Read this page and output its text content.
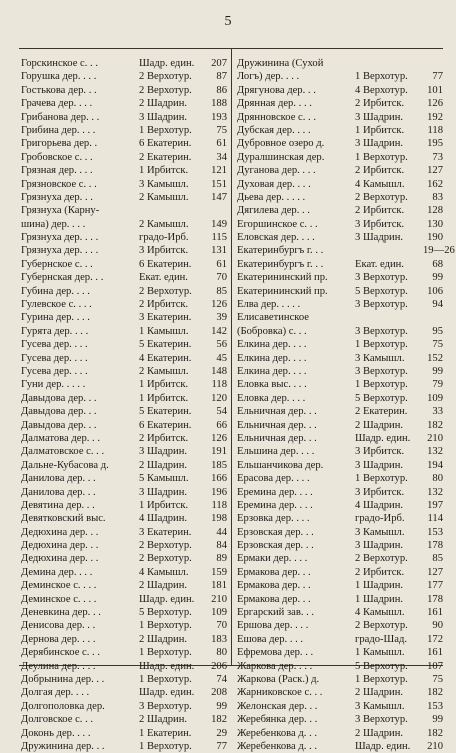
5
Горскинское с. . .	Шадр. един.	207
Горушка дер. . . .	2 Верхотур.	87
Гостькова дер. . .	2 Верхотур.	86
Грачева дер. . . .	2 Шадрин.	188
Грибанова дер. . .	3 Шадрин.	193
Грибина дер. . . .	1 Верхотур.	75
Григорьева дер. .	6 Екатерин.	61
Гробовское с. . .	2 Екатерин.	34
Грязная дер. . . .	1 Ирбитск.	121
Грязновское с. . .	3 Камышл.	151
Грязнуха дер. . .	2 Камышл.	147
Грязнуха (Карну-
шина) дер. . . .	2 Камышл.	149
Грязнуха дер. . . .	градо-Ирб.	115
Грязнуха дер. . . .	3 Ирбитск.	131
Губернское с. . .	6 Екатерин.	61
Губернская дер. . .	Екат. един.	70
Губина дер. . . .	2 Верхотур.	85
Гулевское с. . . .	2 Ирбитск.	126
Гурина дер. . . .	3 Екатерин.	39
Гурята дер. . . .	1 Камышл.	142
Гусева дер. . . .	5 Екатерин.	56
Гусева дер. . . .	4 Екатерин.	45
Гусева дер. . . .	2 Камышл.	148
Гуни дер. . . . .	1 Ирбитск.	118
Давыдова дер. . .	1 Ирбитск.	120
Давыдова дер. . .	5 Екатерин.	54
Давыдова дер. . .	6 Екатерин.	66
Далматова дер. . .	2 Ирбитск.	126
Далматовское с. . .	3 Шадрин.	191
Дальне-Кубасова д.	2 Шадрин.	185
Данилова дер. . .	5 Камышл.	166
Данилова дер. . .	3 Шадрин.	196
Девятина дер. . .	1 Ирбитск.	118
Девятковский выс.	4 Шадрин.	198
Дедюхина дер. . .	3 Екатерин.	44
Дедюхина дер. . .	2 Верхотур.	84
Дедюхина дер. . .	2 Верхотур.	89
Демина дер. . . .	4 Камышл.	159
Деминское с. . . .	2 Шадрин.	181
Деминское с. . . .	Шадр. един.	210
Деневкина дер. . .	5 Верхотур.	109
Денисова дер. . .	1 Верхотур.	70
Дернова дер. . . .	2 Шадрин.	183
Дерябинское с. . .	1 Верхотур.	80
Деулина дер. . . .	Шадр. един.	206
Добрынина дер. . .	1 Верхотур.	74
Долгая дер. . . .	Шадр. един.	208
Долгополовка дер.	3 Верхотур.	99
Долговское с. . .	2 Шадрин.	182
Доконь дер. . . .	1 Екатерин.	29
Дружинина дер. . .	1 Верхотур.	77
Дружинина (Сухой
Логъ) дер. . . .	1 Верхотур.	77
Дрягунова дер. . .	4 Верхотур.	101
Дрянная дер. . . .	2 Ирбитск.	126
Дрянновское с. . .	3 Шадрин.	192
Дубская дер. . . .	1 Ирбитск.	118
Дубровное озеро д.	3 Шадрин.	195
Дуралшинская дер.	1 Верхотур.	73
Дуганова дер. . . .	2 Ирбитск.	127
Духовая дер. . . .	4 Камышл.	162
Дьева дер. . . . .	2 Верхотур.	83
Дягилева дер. . .	2 Ирбитск.	128
Егоршинское с. . .	3 Ирбитск.	130
Еловская дер. . . .	3 Шадрин.	190
Екатеринбургъ г. . .	19—26
Екатеринбургъ г. . .	Екат. един.	68
Екатерининский пр.	3 Верхотур.	99
Екатерининский пр.	5 Верхотур.	106
Елва дер. . . . .	3 Верхотур.	94
Елисаветинское
(Бобровка) с. . .	3 Верхотур.	95
Елкина дер. . . .	1 Верхотур.	75
Елкина дер. . . .	3 Камышл.	152
Елкина дер. . . .	3 Верхотур.	99
Еловка выс. . . .	1 Верхотур.	79
Еловка дер. . . .	5 Верхотур.	109
Ельничная дер. . .	2 Екатерин.	33
Ельничная дер. . .	2 Шадрин.	182
Ельничная дер. . .	Шадр. един.	210
Ельшина дер. . . .	3 Ирбитск.	132
Ельшанчикова дер.	3 Шадрин.	194
Ерасова дер. . . .	1 Верхотур.	80
Еремина дер. . . .	3 Ирбитск.	132
Еремина дер. . . .	4 Шадрин.	197
Ерзовка дер. . . .	градо-Ирб.	114
Ерзовская дер. . .	3 Камышл.	153
Ерзовская дер. . .	3 Шадрин.	178
Ермаки дер. . . .	2 Верхотур.	85
Ермакова дер. . .	2 Ирбитск.	127
Ермакова дер. . .	1 Шадрин.	177
Ермакова дер. . .	1 Шадрин.	178
Ергарский зав. . .	4 Камышл.	161
Ершова дер. . . .	2 Верхотур.	90
Ешова дер. . . .	градо-Шад.	172
Ефремова дер. . .	1 Камышл.	161
Жаркова дер. . . .	5 Верхотур.	107
Жаркова (Раск.) д.	1 Верхотур.	75
Жарниковское с. . .	2 Шадрин.	182
Желонская дер. . .	3 Камышл.	153
Жеребянка дер. . .	3 Верхотур.	99
Жеребенкова д. . .	2 Шадрин.	182
Жеребенкова д. . .	Шадр. един.	210
